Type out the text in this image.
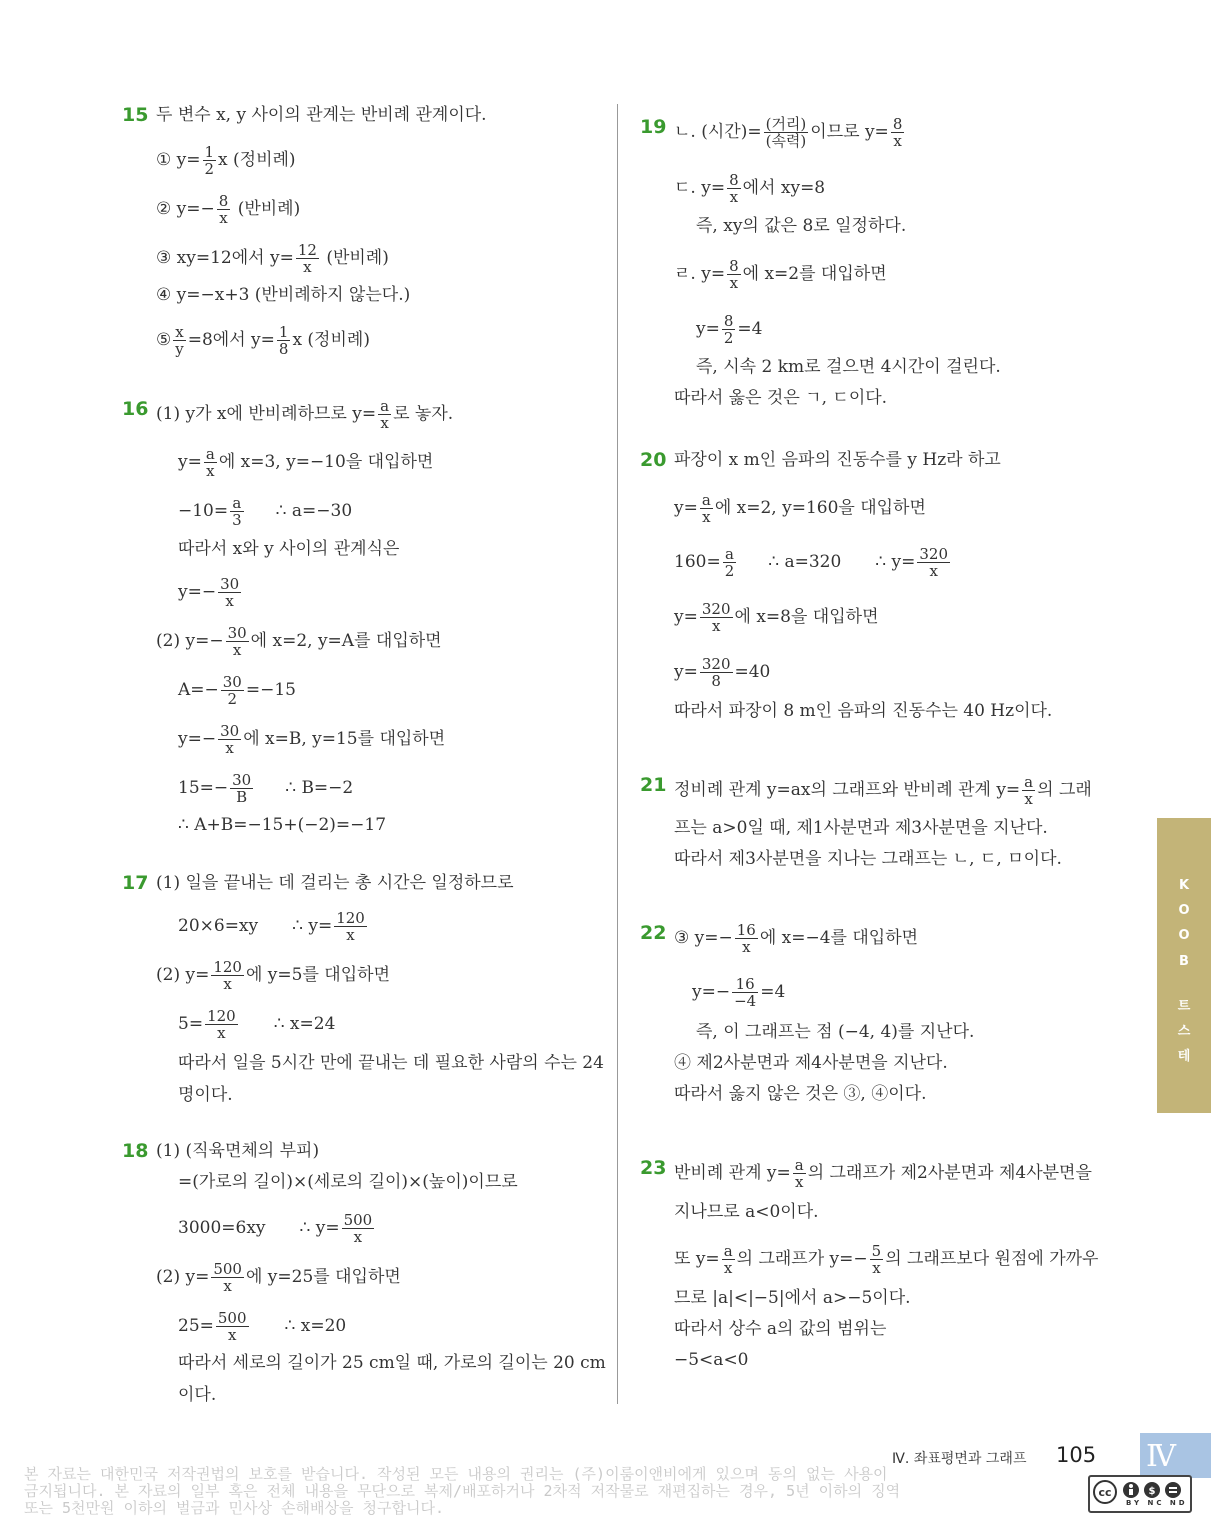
15 두 변수 x, y 사이의 관계는 반비례 관계이다.
① $y= \frac{1}{2}$ x (정비례)
② $y=- \frac{8}{x}$ (반비례)
③ xy=12에서 $y= \frac{12}{x}$ (반비례)
④ y=−x+3 (반비례하지 않는다.)
⑤ $\frac{x}{y} =8$에서 $y= \frac{1}{8}$ x (정비례)
16 (1) y가 x에 반비례하므로 $y= \frac{a}{x}$ 로 놓자.
$y= \frac{a}{x}$ 에 x=3, y=−10을 대입하면
$-10= \frac{a}{3}$ ∴ a=−30
따라서 x와 y 사이의 관계식은
$y=- \frac{30}{x}$
(2) $y=- \frac{30}{x}$ 에 x=2, y=A를 대입하면
$A=- \frac{30}{2} =-15$
$y=- \frac{30}{x}$ 에 x=B, y=15를 대입하면
$15=- \frac{30}{B}$ ∴ B=−2
∴ A+B=−15+(−2)=−17
17 (1) 일을 끝내는 데 걸리는 총 시간은 일정하므로
20×6=xy ∴ $y= \frac{120}{x}$
(2) $y= \frac{120}{x}$ 에 y=5를 대입하면
$5= \frac{120}{x}$ ∴ x=24
따라서 일을 5시간 만에 끝내는 데 필요한 사람의 수는 24
명이다.
18 (1) (직육면체의 부피)
=(가로의 길이)×(세로의 길이)×(높이)이므로
3000=6xy ∴ $y= \frac{500}{x}$
(2) $y= \frac{500}{x}$ 에 y=25를 대입하면
$25= \frac{500}{x}$ ∴ x=20
따라서 세로의 길이가 25 cm일 때, 가로의 길이는 20 cm
이다.
19 ㄴ. (시간)= (거리)
(속력) 이므로 $y= \frac{8}{x}$
ㄷ. $y= \frac{8}{x}$ 에서 xy=8
즉, xy의 값은 8로 일정하다.
ㄹ. $y= \frac{8}{x}$ 에 x=2를 대입하면
$y= \frac{8}{2} =4$
즉, 시속 2 km로 걸으면 4시간이 걸린다.
따라서 옳은 것은 ㄱ, ㄷ이다.
20 파장이 x m인 음파의 진동수를 y Hz라 하고
$y= \frac{a}{x}$ 에 x=2, y=160을 대입하면
$160= \frac{a}{2}$ ∴ a=320 ∴ $y= \frac{320}{x}$
$y= \frac{320}{x}$ 에 x=8을 대입하면
$y= \frac{320}{8} =40$
따라서 파장이 8 m인 음파의 진동수는 40 Hz이다.
21 정비례 관계 y=ax의 그래프와 반비례 관계 $y= \frac{a}{x}$ 의 그래
프는 a>0일 때, 제1사분면과 제3사분면을 지난다.
따라서 제3사분면을 지나는 그래프는 ㄴ, ㄷ, ㅁ이다.
22 ③ $y=- \frac{16}{x}$ 에 x=−4를 대입하면
$y=- \frac{16}{-4} =4$
즉, 이 그래프는 점 (−4, 4)를 지난다.
④ 제2사분면과 제4사분면을 지난다.
따라서 옳지 않은 것은 ③, ④이다.
23 반비례 관계 $y= \frac{a}{x}$ 의 그래프가 제2사분면과 제4사분면을
지나므로 a<0이다.
또 $y= \frac{a}{x}$ 의 그래프가 $y=- \frac{5}{x}$ 의 그래프보다 원점에 가까우
므로 |a|<|−5|에서 a>−5이다.
따라서 상수 a의 값의 범위는
−5<a<0
테
스
트
B
O
O
K
Ⅳ. 좌표평면과 그래프 105 Ⅳ
본 자료는 대한민국 저작권법의 보호를 받습니다. 작성된 모든 내용의 권리는 (주)이룸이앤비에게 있으며 동의 없는 사용이
금지됩니다. 본 자료의 일부 혹은 전체 내용을 무단으로 복제/배포하거나 2차적 저작물로 재편집하는 경우, 5년 이하의 징역
또는 5천만원 이하의 벌금과 민사상 손해배상을 청구합니다.
cc	$
BY NC ND
